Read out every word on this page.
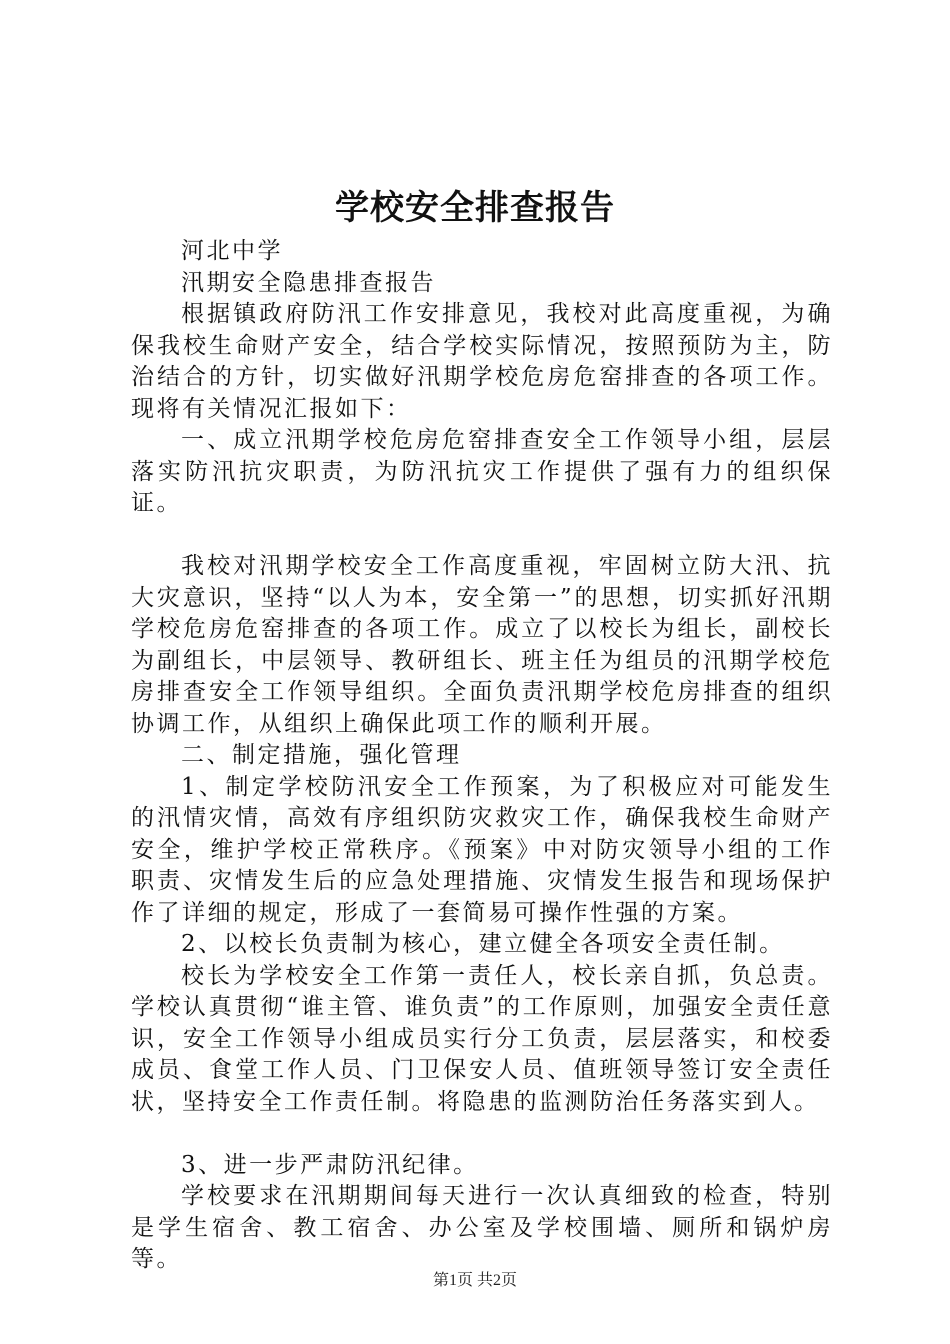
学校安全排查报告

河北中学

汛期安全隐患排查报告

根据镇政府防汛工作安排意见，我校对此高度重视，为确保我校生命财产安全，结合学校实际情况，按照预防为主，防治结合的方针，切实做好汛期学校危房危窑排查的各项工作。现将有关情况汇报如下：

一、成立汛期学校危房危窑排查安全工作领导小组，层层落实防汛抗灾职责，为防汛抗灾工作提供了强有力的组织保证。

我校对汛期学校安全工作高度重视，牢固树立防大汛、抗大灾意识，坚持“以人为本，安全第一”的思想，切实抓好汛期学校危房危窑排查的各项工作。成立了以校长为组长，副校长为副组长，中层领导、教研组长、班主任为组员的汛期学校危房排查安全工作领导组织。全面负责汛期学校危房排查的组织协调工作，从组织上确保此项工作的顺利开展。

二、制定措施，强化管理

1、制定学校防汛安全工作预案，为了积极应对可能发生的汛情灾情，高效有序组织防灾救灾工作，确保我校生命财产安全，维护学校正常秩序。《预案》中对防灾领导小组的工作职责、灾情发生后的应急处理措施、灾情发生报告和现场保护作了详细的规定，形成了一套简易可操作性强的方案。

2、以校长负责制为核心，建立健全各项安全责任制。

校长为学校安全工作第一责任人，校长亲自抓，负总责。学校认真贯彻“谁主管、谁负责”的工作原则，加强安全责任意识，安全工作领导小组成员实行分工负责，层层落实，和校委成员、食堂工作人员、门卫保安人员、值班领导签订安全责任状，坚持安全工作责任制。将隐患的监测防治任务落实到人。

3、进一步严肃防汛纪律。

学校要求在汛期期间每天进行一次认真细致的检查，特别是学生宿舍、教工宿舍、办公室及学校围墙、厕所和锅炉房等。

第1页 共2页
